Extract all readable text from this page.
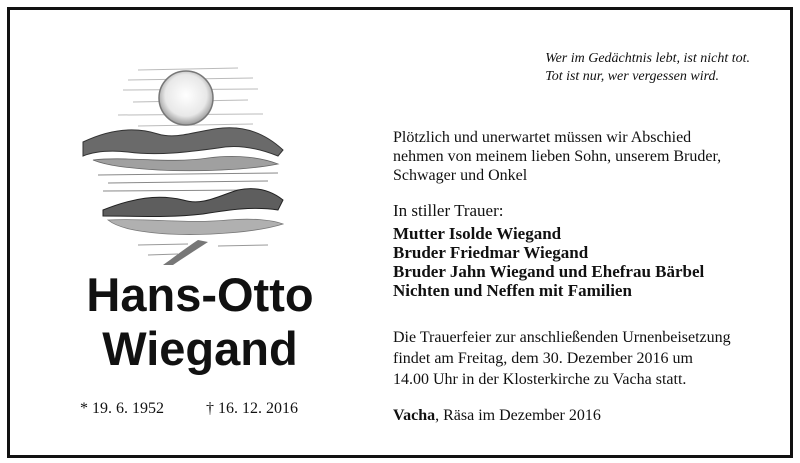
Wer im Gedächtnis lebt, ist nicht tot.
Tot ist nur, wer vergessen wird.
Plötzlich und unerwartet müssen wir Abschied
nehmen von meinem lieben Sohn, unserem Bruder,
Schwager und Onkel
In stiller Trauer:
Mutter Isolde Wiegand
Bruder Friedmar Wiegand
Bruder Jahn Wiegand und Ehefrau Bärbel
Nichten und Neffen mit Familien
Hans-Otto
Wiegand
* 19. 6. 1952	† 16. 12. 2016
Die Trauerfeier zur anschließenden Urnenbeisetzung
findet am Freitag, dem 30. Dezember 2016 um
14.00 Uhr in der Klosterkirche zu Vacha statt.
Vacha, Räsa im Dezember 2016
